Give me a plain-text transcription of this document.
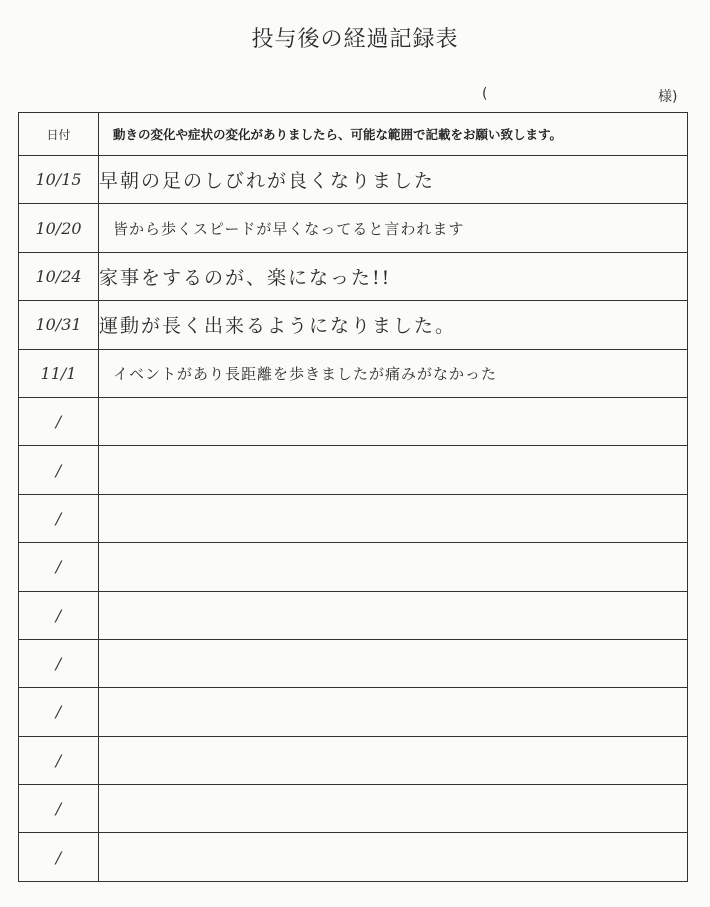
投与後の経過記録表
(	様)
日付	動きの変化や症状の変化がありましたら、可能な範囲で記載をお願い致します。
10/15	早朝の足のしびれが良くなりました
10/20	皆から歩くスピードが早くなってると言われます
10/24	家事をするのが、楽になった!!
10/31	運動が長く出来るようになりました。
11/1	イベントがあり長距離を歩きましたが痛みがなかった
/	
/	
/	
/	
/	
/	
/	
/	
/	
/	
